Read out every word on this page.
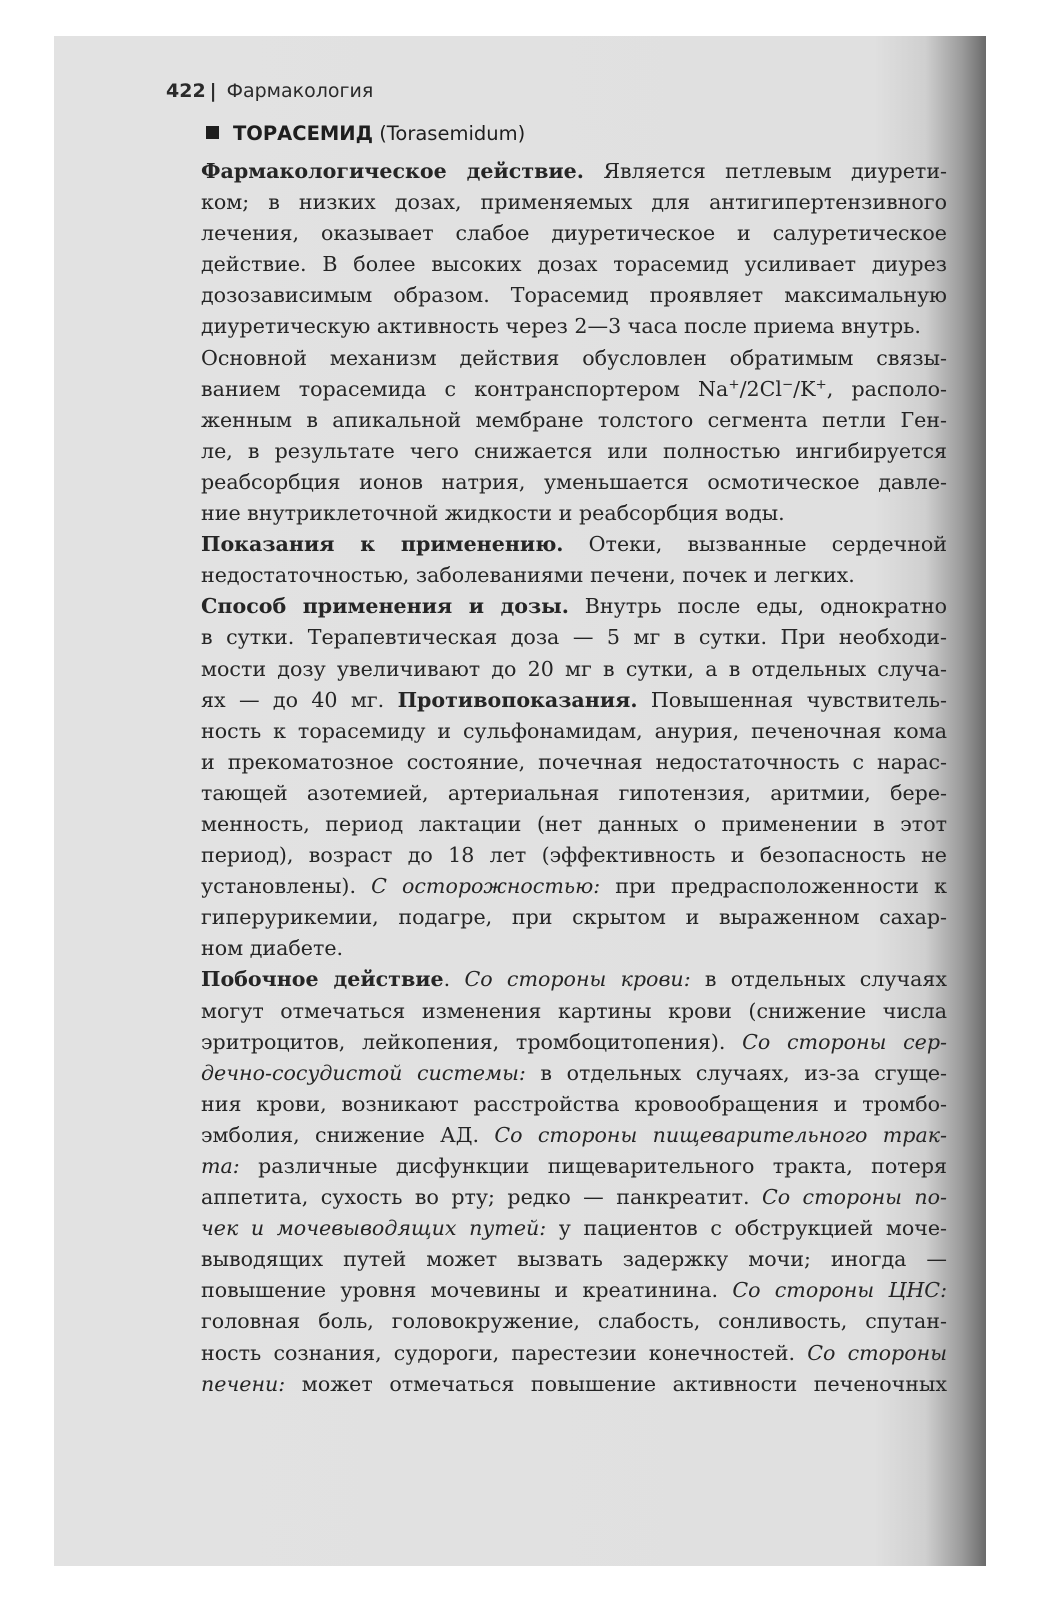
422 | Фармакология
ТОРАСЕМИД (Torasemidum)

Фармакологическое действие. Является петлевым диурети-
ком; в низких дозах, применяемых для антигипертензивного
лечения, оказывает слабое диуретическое и салуретическое
действие. В более высоких дозах торасемид усиливает диурез
дозозависимым образом. Торасемид проявляет максимальную
диуретическую активность через 2—3 часа после приема внутрь.

Основной механизм действия обусловлен обратимым связы-
ванием торасемида с контранспортером Na+/2Cl−/K+, располо-
женным в апикальной мембране толстого сегмента петли Ген-
ле, в результате чего снижается или полностью ингибируется
реабсорбция ионов натрия, уменьшается осмотическое давле-
ние внутриклеточной жидкости и реабсорбция воды.

Показания к применению. Отеки, вызванные сердечной
недостаточностью, заболеваниями печени, почек и легких.

Способ применения и дозы. Внутрь после еды, однократно
в сутки. Терапевтическая доза — 5 мг в сутки. При необходи-
мости дозу увеличивают до 20 мг в сутки, а в отдельных случа-
ях — до 40 мг. Противопоказания. Повышенная чувствитель-
ность к торасемиду и сульфонамидам, анурия, печеночная кома
и прекоматозное состояние, почечная недостаточность с нарас-
тающей азотемией, артериальная гипотензия, аритмии, бере-
менность, период лактации (нет данных о применении в этот
период), возраст до 18 лет (эффективность и безопасность не
установлены). С осторожностью: при предрасположенности к
гиперурикемии, подагре, при скрытом и выраженном сахар-
ном диабете.

Побочное действие. Со стороны крови: в отдельных случаях
могут отмечаться изменения картины крови (снижение числа
эритроцитов, лейкопения, тромбоцитопения). Со стороны сер-
дечно-сосудистой системы: в отдельных случаях, из-за сгуще-
ния крови, возникают расстройства кровообращения и тромбо-
эмболия, снижение АД. Со стороны пищеварительного трак-
та: различные дисфункции пищеварительного тракта, потеря
аппетита, сухость во рту; редко — панкреатит. Со стороны по-
чек и мочевыводящих путей: у пациентов с обструкцией моче-
выводящих путей может вызвать задержку мочи; иногда —
повышение уровня мочевины и креатинина. Со стороны ЦНС:
головная боль, головокружение, слабость, сонливость, спутан-
ность сознания, судороги, парестезии конечностей. Со стороны
печени: может отмечаться повышение активности печеночных
